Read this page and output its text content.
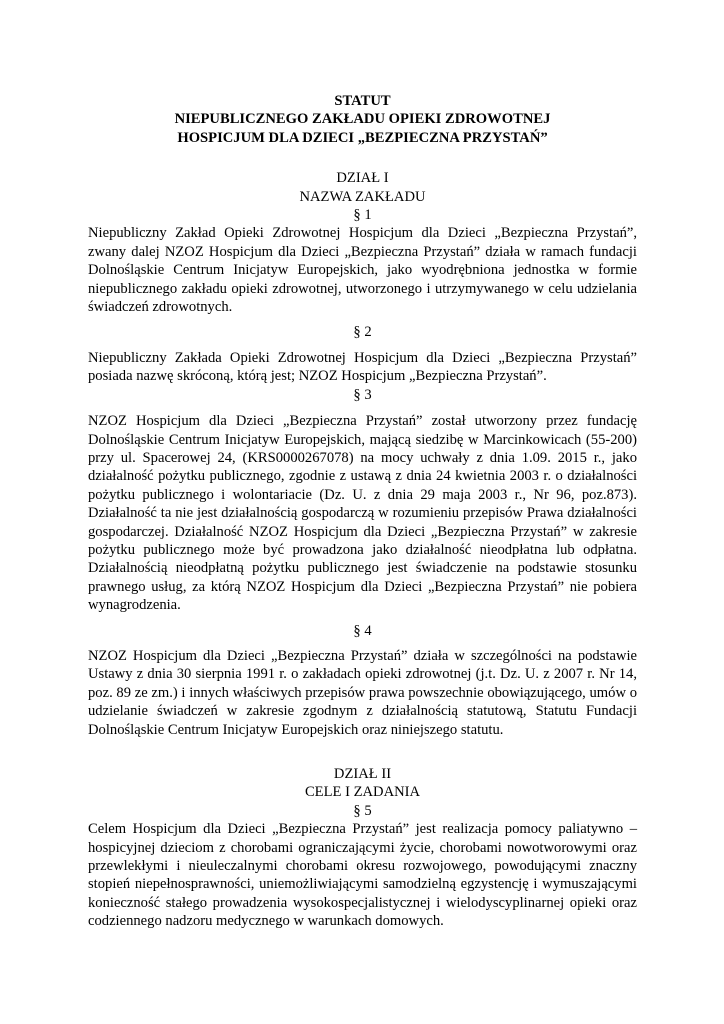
STATUT
NIEPUBLICZNEGO ZAKŁADU OPIEKI ZDROWOTNEJ
HOSPICJUM DLA DZIECI „BEZPIECZNA PRZYSTAŃ”
DZIAŁ I
NAZWA ZAKŁADU
§ 1

Niepubliczny Zakład Opieki Zdrowotnej Hospicjum dla Dzieci „Bezpieczna Przystań”,

zwany dalej NZOZ Hospicjum dla Dzieci „Bezpieczna Przystań” działa w ramach fundacji

Dolnośląskie Centrum Inicjatyw Europejskich, jako wyodrębniona jednostka w formie

niepublicznego zakładu opieki zdrowotnej, utworzonego i utrzymywanego w celu udzielania

świadczeń zdrowotnych.

§ 2

Niepubliczny Zakłada Opieki Zdrowotnej Hospicjum dla Dzieci „Bezpieczna Przystań”

posiada nazwę skróconą, którą jest; NZOZ Hospicjum „Bezpieczna Przystań”.

§ 3

NZOZ Hospicjum dla Dzieci „Bezpieczna Przystań” został utworzony przez fundację

Dolnośląskie Centrum Inicjatyw Europejskich, mającą siedzibę w Marcinkowicach (55-200)

przy ul. Spacerowej 24, (KRS0000267078) na mocy uchwały z dnia 1.09. 2015 r., jako

działalność pożytku publicznego, zgodnie z ustawą z dnia 24 kwietnia 2003 r. o działalności

pożytku publicznego i wolontariacie (Dz. U. z dnia 29 maja 2003 r., Nr 96, poz.873).

Działalność ta nie jest działalnością gospodarczą w rozumieniu przepisów Prawa działalności

gospodarczej. Działalność NZOZ Hospicjum dla Dzieci „Bezpieczna Przystań” w zakresie

pożytku publicznego może być prowadzona jako działalność nieodpłatna lub odpłatna.

Działalnością nieodpłatną pożytku publicznego jest świadczenie na podstawie stosunku

prawnego usług, za którą NZOZ Hospicjum dla Dzieci „Bezpieczna Przystań” nie pobiera

wynagrodzenia.

§ 4

NZOZ Hospicjum dla Dzieci „Bezpieczna Przystań” działa w szczególności na podstawie

Ustawy z dnia 30 sierpnia 1991 r. o zakładach opieki zdrowotnej (j.t. Dz. U. z 2007 r. Nr 14,

poz. 89 ze zm.) i innych właściwych przepisów prawa powszechnie obowiązującego, umów o

udzielanie świadczeń w zakresie zgodnym z działalnością statutową, Statutu Fundacji

Dolnośląskie Centrum Inicjatyw Europejskich oraz niniejszego statutu.

DZIAŁ II
CELE I ZADANIA
§ 5

Celem Hospicjum dla Dzieci „Bezpieczna Przystań” jest realizacja pomocy paliatywno –

hospicyjnej dzieciom z chorobami ograniczającymi życie, chorobami nowotworowymi oraz

przewlekłymi i nieuleczalnymi chorobami okresu rozwojowego, powodującymi znaczny

stopień niepełnosprawności, uniemożliwiającymi samodzielną egzystencję i wymuszającymi

konieczność stałego prowadzenia wysokospecjalistycznej i wielodyscyplinarnej opieki oraz

codziennego nadzoru medycznego w warunkach domowych.
